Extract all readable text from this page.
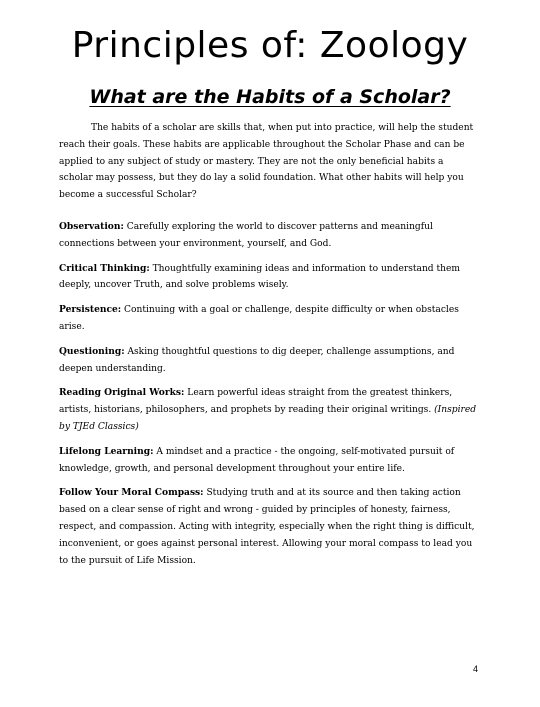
Principles of: Zoology
What are the Habits of a Scholar?

The habits of a scholar are skills that, when put into practice, will help the student reach their goals. These habits are applicable throughout the Scholar Phase and can be applied to any subject of study or mastery. They are not the only beneficial habits a scholar may possess, but they do lay a solid foundation. What other habits will help you become a successful Scholar?

Observation: Carefully exploring the world to discover patterns and meaningful connections between your environment, yourself, and God.

Critical Thinking: Thoughtfully examining ideas and information to understand them deeply, uncover Truth, and solve problems wisely.

Persistence: Continuing with a goal or challenge, despite difficulty or when obstacles arise.

Questioning: Asking thoughtful questions to dig deeper, challenge assumptions, and deepen understanding.

Reading Original Works: Learn powerful ideas straight from the greatest thinkers, artists, historians, philosophers, and prophets by reading their original writings. (Inspired by TJEd Classics)

Lifelong Learning: A mindset and a practice - the ongoing, self-motivated pursuit of knowledge, growth, and personal development throughout your entire life.

Follow Your Moral Compass: Studying truth and at its source and then taking action based on a clear sense of right and wrong - guided by principles of honesty, fairness, respect, and compassion. Acting with integrity, especially when the right thing is difficult, inconvenient, or goes against personal interest. Allowing your moral compass to lead you to the pursuit of Life Mission.

4
